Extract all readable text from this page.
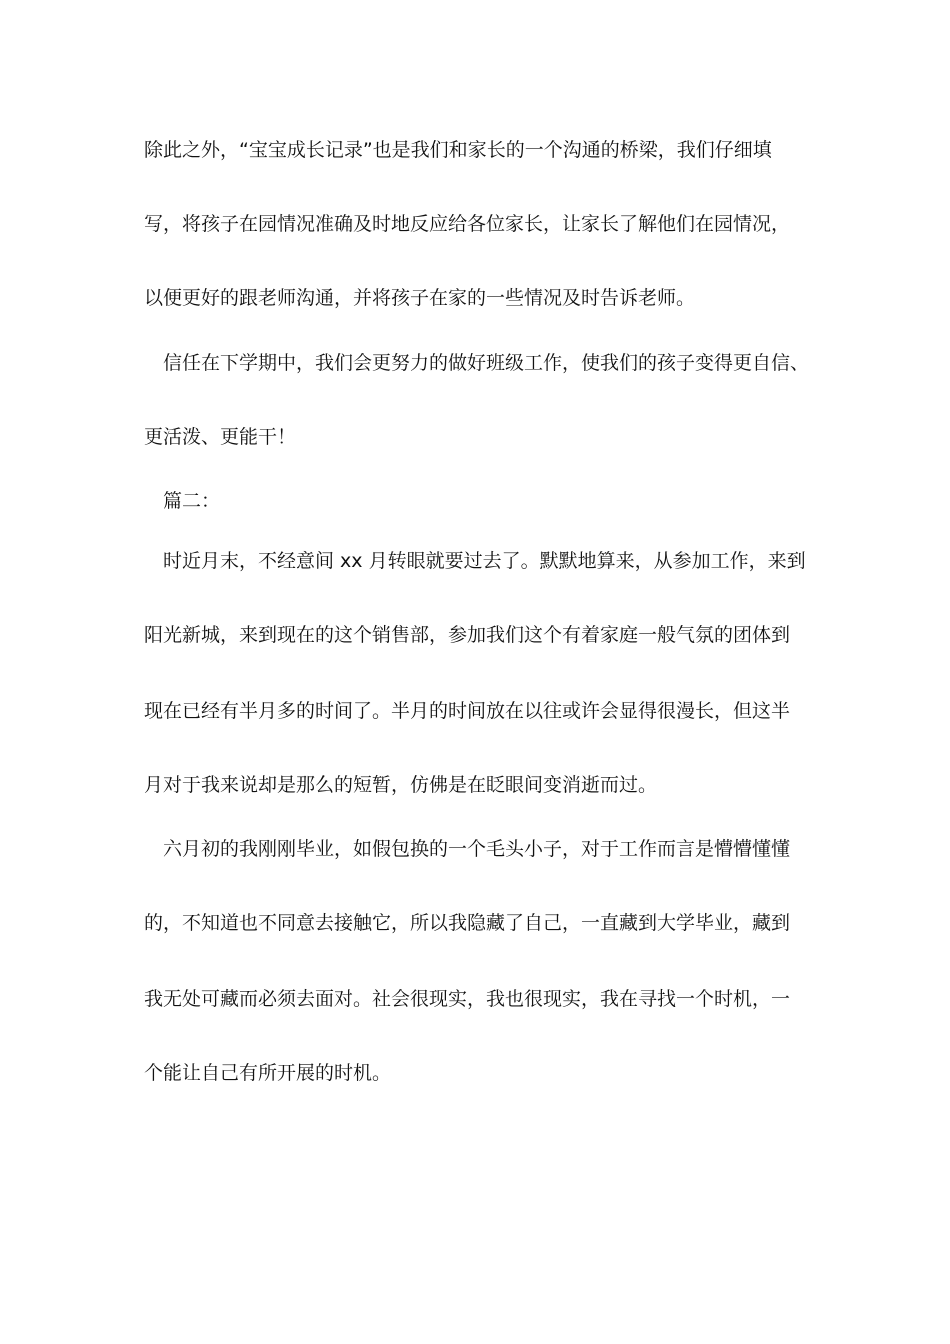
除此之外，“宝宝成长记录”也是我们和家长的一个沟通的桥梁，我们仔细填
写，将孩子在园情况准确及时地反应给各位家长，让家长了解他们在园情况，
以便更好的跟老师沟通，并将孩子在家的一些情况及时告诉老师。
信任在下学期中，我们会更努力的做好班级工作，使我们的孩子变得更自信、
更活泼、更能干！
篇二：
时近月末，不经意间 xx 月转眼就要过去了。默默地算来，从参加工作，来到
阳光新城，来到现在的这个销售部，参加我们这个有着家庭一般气氛的团体到
现在已经有半月多的时间了。半月的时间放在以往或许会显得很漫长，但这半
月对于我来说却是那么的短暂，仿佛是在眨眼间变消逝而过。
六月初的我刚刚毕业，如假包换的一个毛头小子，对于工作而言是懵懵懂懂
的，不知道也不同意去接触它，所以我隐藏了自己，一直藏到大学毕业，藏到
我无处可藏而必须去面对。社会很现实，我也很现实，我在寻找一个时机，一
个能让自己有所开展的时机。
